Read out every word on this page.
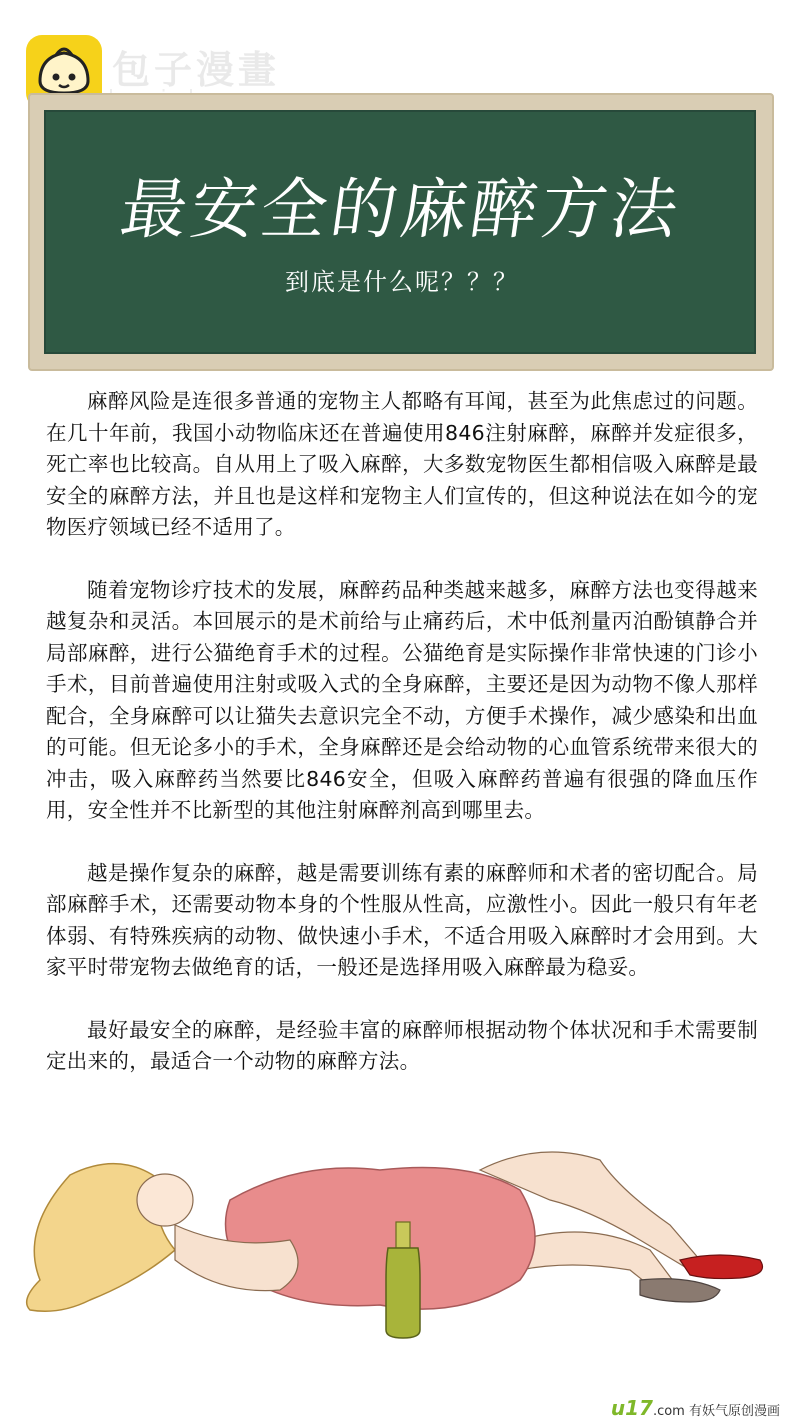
包子漫畫
最安全的麻醉方法
到底是什么呢？？？

麻醉风险是连很多普通的宠物主人都略有耳闻，甚至为此焦虑过的问题。在几十年前，我国小动物临床还在普遍使用846注射麻醉，麻醉并发症很多，死亡率也比较高。自从用上了吸入麻醉，大多数宠物医生都相信吸入麻醉是最安全的麻醉方法，并且也是这样和宠物主人们宣传的，但这种说法在如今的宠物医疗领域已经不适用了。

随着宠物诊疗技术的发展，麻醉药品种类越来越多，麻醉方法也变得越来越复杂和灵活。本回展示的是术前给与止痛药后，术中低剂量丙泊酚镇静合并局部麻醉，进行公猫绝育手术的过程。公猫绝育是实际操作非常快速的门诊小手术，目前普遍使用注射或吸入式的全身麻醉，主要还是因为动物不像人那样配合，全身麻醉可以让猫失去意识完全不动，方便手术操作，减少感染和出血的可能。但无论多小的手术，全身麻醉还是会给动物的心血管系统带来很大的冲击，吸入麻醉药当然要比846安全，但吸入麻醉药普遍有很强的降血压作用，安全性并不比新型的其他注射麻醉剂高到哪里去。

越是操作复杂的麻醉，越是需要训练有素的麻醉师和术者的密切配合。局部麻醉手术，还需要动物本身的个性服从性高，应激性小。因此一般只有年老体弱、有特殊疾病的动物、做快速小手术，不适合用吸入麻醉时才会用到。大家平时带宠物去做绝育的话，一般还是选择用吸入麻醉最为稳妥。

最好最安全的麻醉，是经验丰富的麻醉师根据动物个体状况和手术需要制定出来的，最适合一个动物的麻醉方法。

u17.com 有妖气原创漫画
